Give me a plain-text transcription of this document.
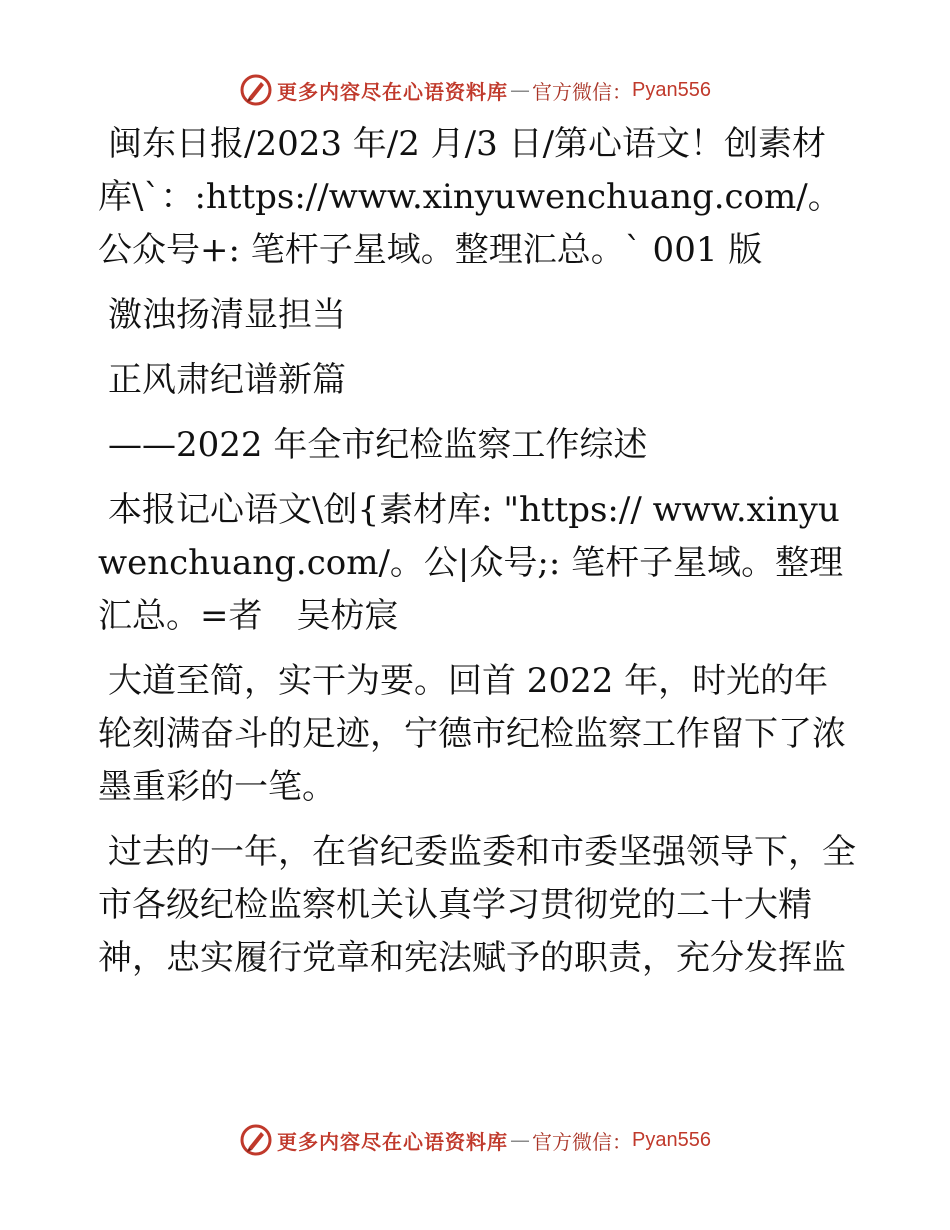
更多内容尽在心语资料库 — 官方微信： Pyan556

闽东日报/2023 年/2 月/3 日/第心语文！创素材库\`：:https://www.xinyuwenchuang.com/。公众号+: 笔杆子星域。整理汇总。` 001 版

激浊扬清显担当

正风肃纪谱新篇

——2022 年全市纪检监察工作综述

本报记心语文\创{素材库: "https:// www.xinyuwenchuang.com/。公|众号;: 笔杆子星域。整理汇总。=者　吴枋宸

大道至简，实干为要。回首 2022 年，时光的年轮刻满奋斗的足迹，宁德市纪检监察工作留下了浓墨重彩的一笔。

过去的一年，在省纪委监委和市委坚强领导下，全市各级纪检监察机关认真学习贯彻党的二十大精神，忠实履行党章和宪法赋予的职责，充分发挥监

更多内容尽在心语资料库 — 官方微信： Pyan556
